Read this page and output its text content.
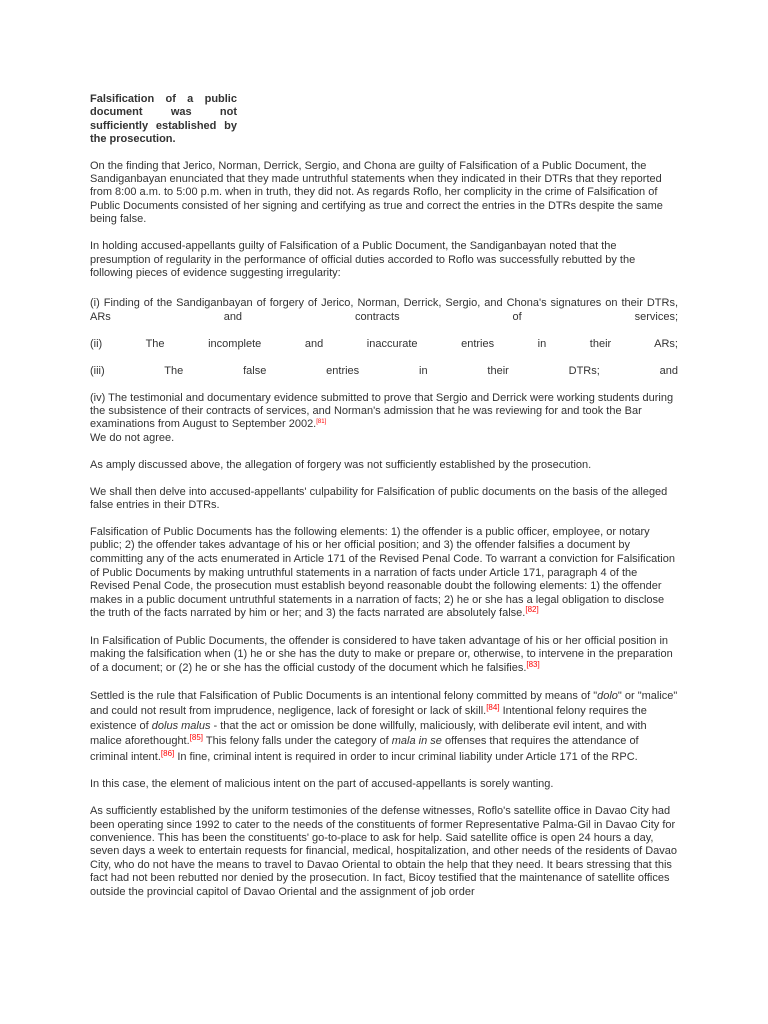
Falsification of a public document was not sufficiently established by the prosecution.

On the finding that Jerico, Norman, Derrick, Sergio, and Chona are guilty of Falsification of a Public Document, the Sandiganbayan enunciated that they made untruthful statements when they indicated in their DTRs that they reported from 8:00 a.m. to 5:00 p.m. when in truth, they did not. As regards Roflo, her complicity in the crime of Falsification of Public Documents consisted of her signing and certifying as true and correct the entries in the DTRs despite the same being false.

In holding accused-appellants guilty of Falsification of a Public Document, the Sandiganbayan noted that the presumption of regularity in the performance of official duties accorded to Roflo was successfully rebutted by the following pieces of evidence suggesting irregularity:

(i) Finding of the Sandiganbayan of forgery of Jerico, Norman, Derrick, Sergio, and Chona's signatures on their DTRs, ARs and contracts of services;

(ii) The incomplete and inaccurate entries in their ARs;

(iii) The false entries in their DTRs; and

(iv) The testimonial and documentary evidence submitted to prove that Sergio and Derrick were working students during the subsistence of their contracts of services, and Norman's admission that he was reviewing for and took the Bar examinations from August to September 2002.[81]

We do not agree.

As amply discussed above, the allegation of forgery was not sufficiently established by the prosecution.

We shall then delve into accused-appellants' culpability for Falsification of public documents on the basis of the alleged false entries in their DTRs.

Falsification of Public Documents has the following elements: 1) the offender is a public officer, employee, or notary public; 2) the offender takes advantage of his or her official position; and 3) the offender falsifies a document by committing any of the acts enumerated in Article 171 of the Revised Penal Code. To warrant a conviction for Falsification of Public Documents by making untruthful statements in a narration of facts under Article 171, paragraph 4 of the Revised Penal Code, the prosecution must establish beyond reasonable doubt the following elements: 1) the offender makes in a public document untruthful statements in a narration of facts; 2) he or she has a legal obligation to disclose the truth of the facts narrated by him or her; and 3) the facts narrated are absolutely false.[82]

In Falsification of Public Documents, the offender is considered to have taken advantage of his or her official position in making the falsification when (1) he or she has the duty to make or prepare or, otherwise, to intervene in the preparation of a document; or (2) he or she has the official custody of the document which he falsifies.[83]

Settled is the rule that Falsification of Public Documents is an intentional felony committed by means of "dolo" or "malice" and could not result from imprudence, negligence, lack of foresight or lack of skill.[84] Intentional felony requires the existence of dolus malus - that the act or omission be done willfully, maliciously, with deliberate evil intent, and with malice aforethought.[85] This felony falls under the category of mala in se offenses that requires the attendance of criminal intent.[86] In fine, criminal intent is required in order to incur criminal liability under Article 171 of the RPC.

In this case, the element of malicious intent on the part of accused-appellants is sorely wanting.

As sufficiently established by the uniform testimonies of the defense witnesses, Roflo's satellite office in Davao City had been operating since 1992 to cater to the needs of the constituents of former Representative Palma-Gil in Davao City for convenience. This has been the constituents' go-to-place to ask for help. Said satellite office is open 24 hours a day, seven days a week to entertain requests for financial, medical, hospitalization, and other needs of the residents of Davao City, who do not have the means to travel to Davao Oriental to obtain the help that they need. It bears stressing that this fact had not been rebutted nor denied by the prosecution. In fact, Bicoy testified that the maintenance of satellite offices outside the provincial capitol of Davao Oriental and the assignment of job order
